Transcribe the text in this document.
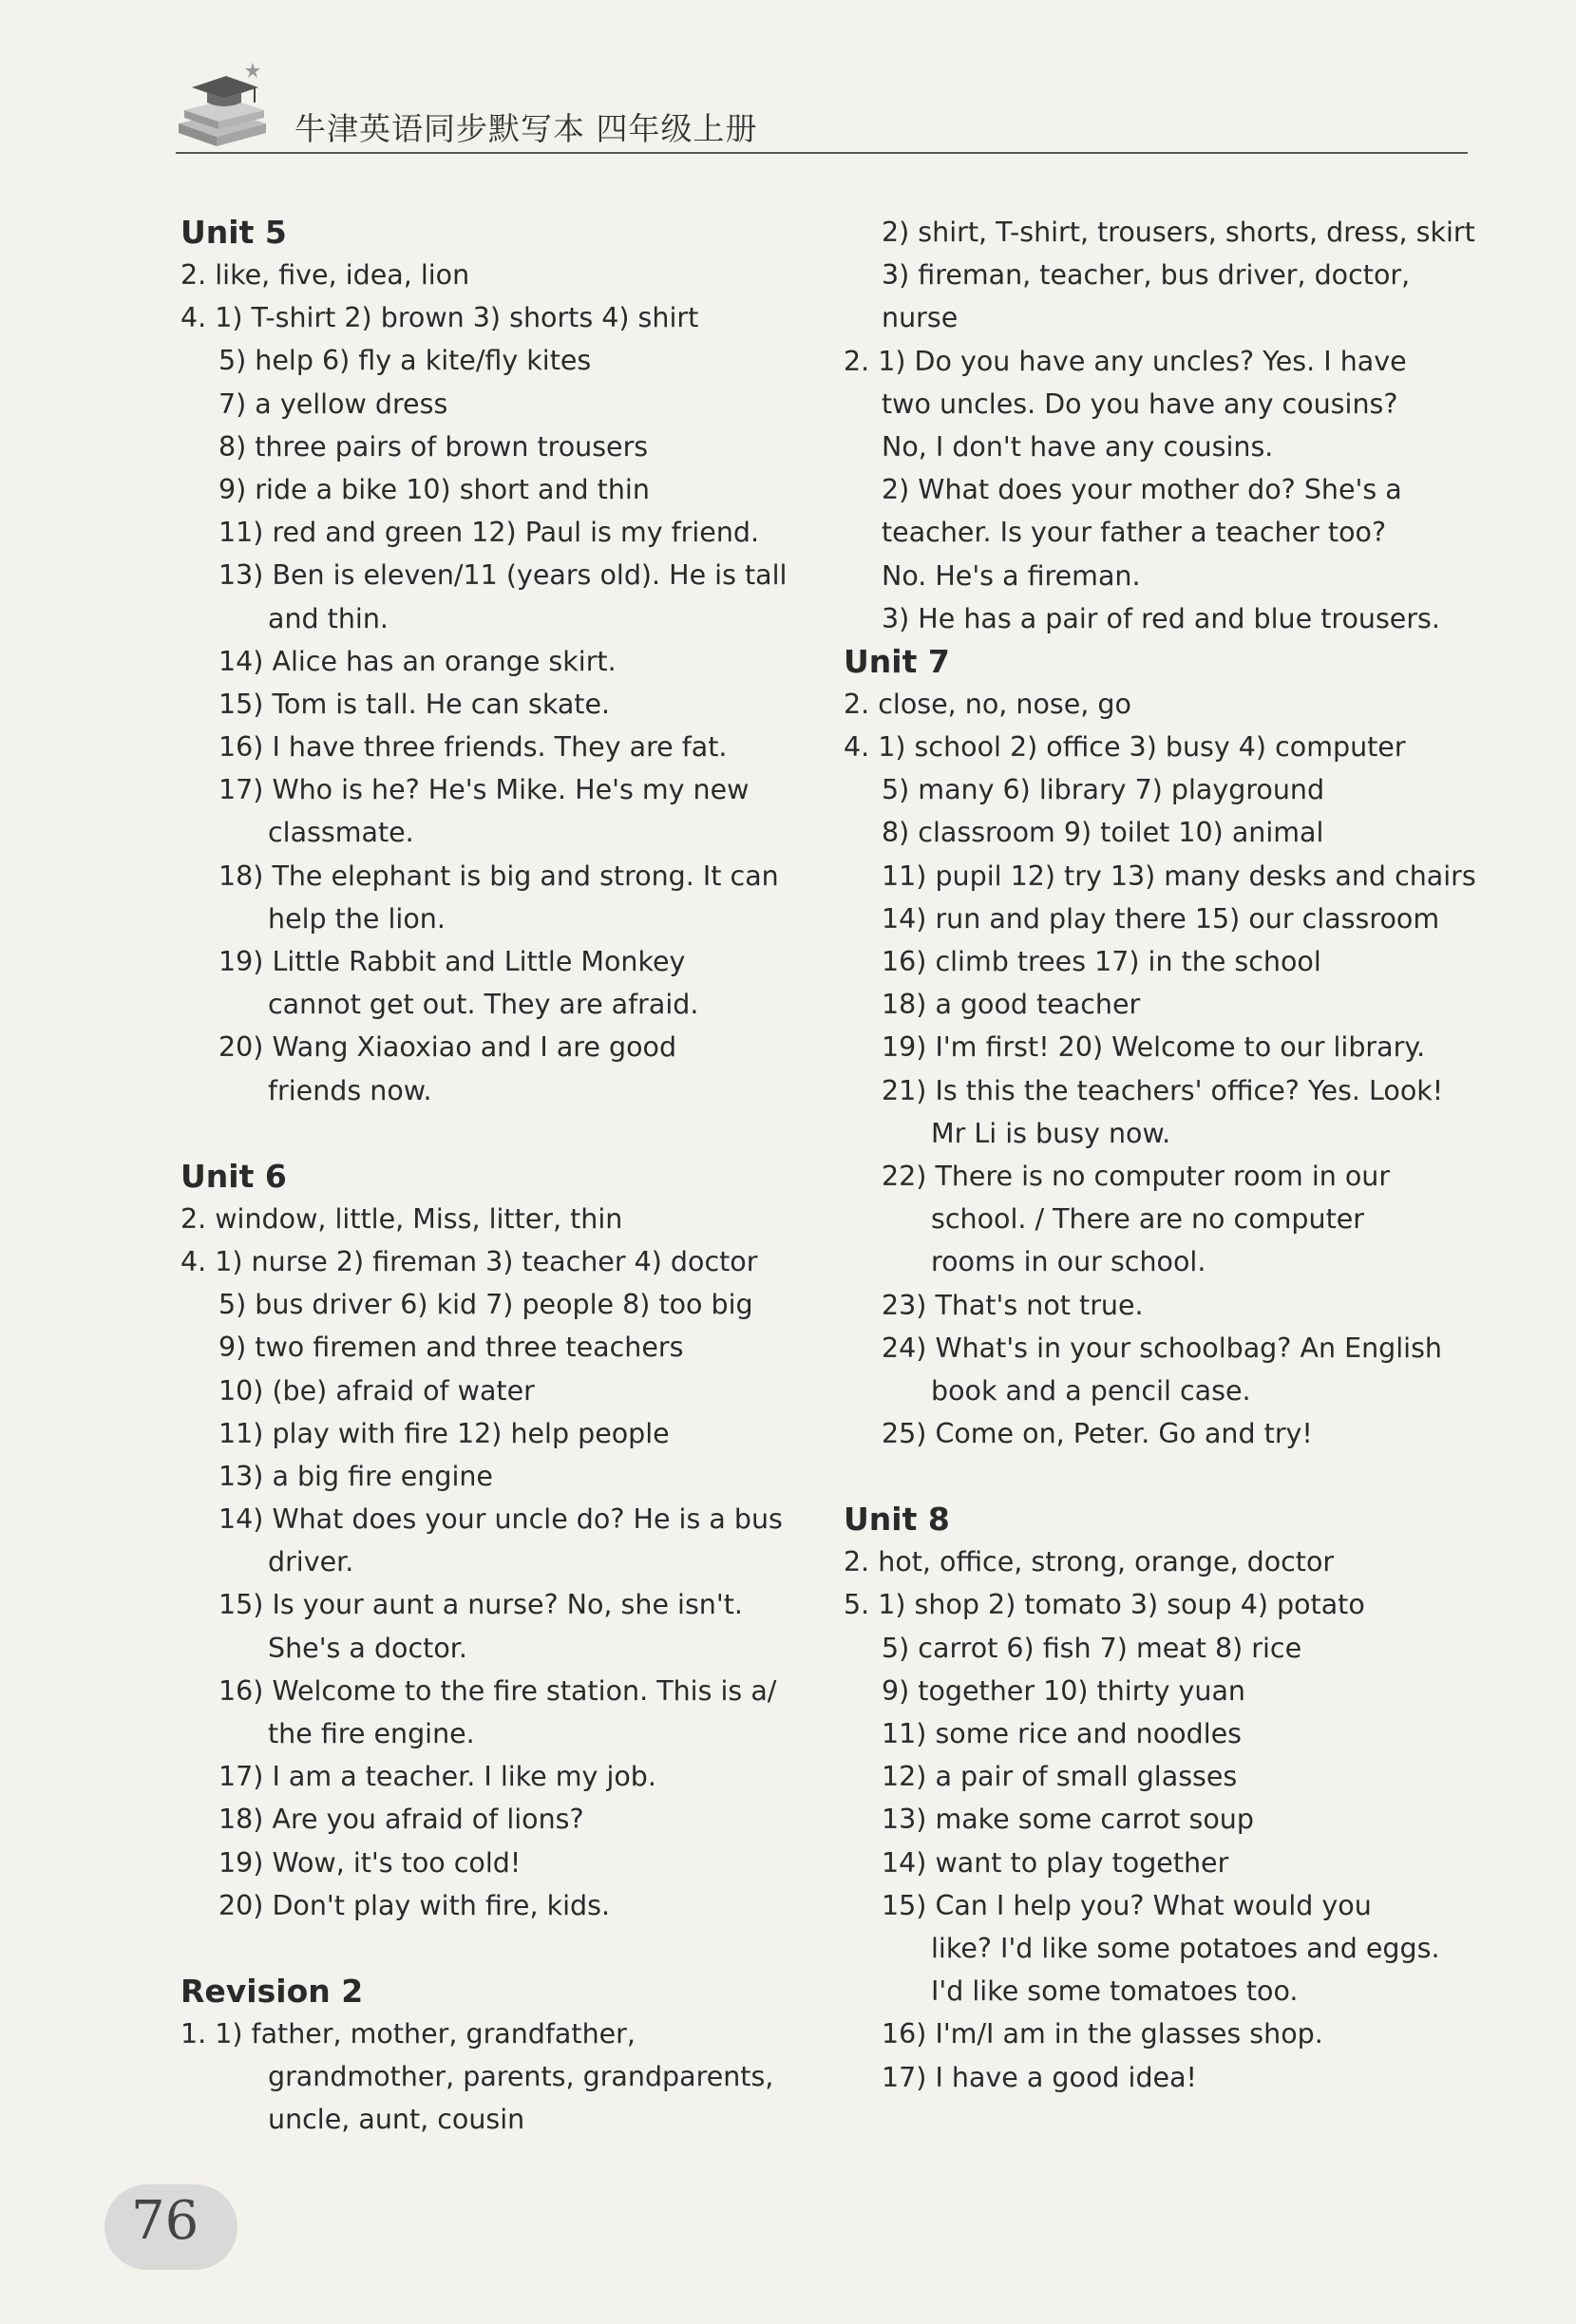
牛津英语同步默写本 四年级上册
Unit 5
2. like, five, idea, lion
4. 1) T-shirt 2) brown 3) shorts 4) shirt
5) help 6) fly a kite/fly kites
7) a yellow dress
8) three pairs of brown trousers
9) ride a bike 10) short and thin
11) red and green 12) Paul is my friend.
13) Ben is eleven/11 (years old). He is tall
and thin.
14) Alice has an orange skirt.
15) Tom is tall. He can skate.
16) I have three friends. They are fat.
17) Who is he? He's Mike. He's my new
classmate.
18) The elephant is big and strong. It can
help the lion.
19) Little Rabbit and Little Monkey
cannot get out. They are afraid.
20) Wang Xiaoxiao and I are good
friends now.
Unit 6
2. window, little, Miss, litter, thin
4. 1) nurse 2) fireman 3) teacher 4) doctor
5) bus driver 6) kid 7) people 8) too big
9) two firemen and three teachers
10) (be) afraid of water
11) play with fire 12) help people
13) a big fire engine
14) What does your uncle do? He is a bus
driver.
15) Is your aunt a nurse? No, she isn't.
She's a doctor.
16) Welcome to the fire station. This is a/
the fire engine.
17) I am a teacher. I like my job.
18) Are you afraid of lions?
19) Wow, it's too cold!
20) Don't play with fire, kids.
Revision 2
1. 1) father, mother, grandfather,
grandmother, parents, grandparents,
uncle, aunt, cousin
2) shirt, T-shirt, trousers, shorts, dress, skirt
3) fireman, teacher, bus driver, doctor,
nurse
2. 1) Do you have any uncles? Yes. I have
two uncles. Do you have any cousins?
No, I don't have any cousins.
2) What does your mother do? She's a
teacher. Is your father a teacher too?
No. He's a fireman.
3) He has a pair of red and blue trousers.
Unit 7
2. close, no, nose, go
4. 1) school 2) office 3) busy 4) computer
5) many 6) library 7) playground
8) classroom 9) toilet 10) animal
11) pupil 12) try 13) many desks and chairs
14) run and play there 15) our classroom
16) climb trees 17) in the school
18) a good teacher
19) I'm first! 20) Welcome to our library.
21) Is this the teachers' office? Yes. Look!
Mr Li is busy now.
22) There is no computer room in our
school. / There are no computer
rooms in our school.
23) That's not true.
24) What's in your schoolbag? An English
book and a pencil case.
25) Come on, Peter. Go and try!
Unit 8
2. hot, office, strong, orange, doctor
5. 1) shop 2) tomato 3) soup 4) potato
5) carrot 6) fish 7) meat 8) rice
9) together 10) thirty yuan
11) some rice and noodles
12) a pair of small glasses
13) make some carrot soup
14) want to play together
15) Can I help you? What would you
like? I'd like some potatoes and eggs.
I'd like some tomatoes too.
16) I'm/I am in the glasses shop.
17) I have a good idea!
76
